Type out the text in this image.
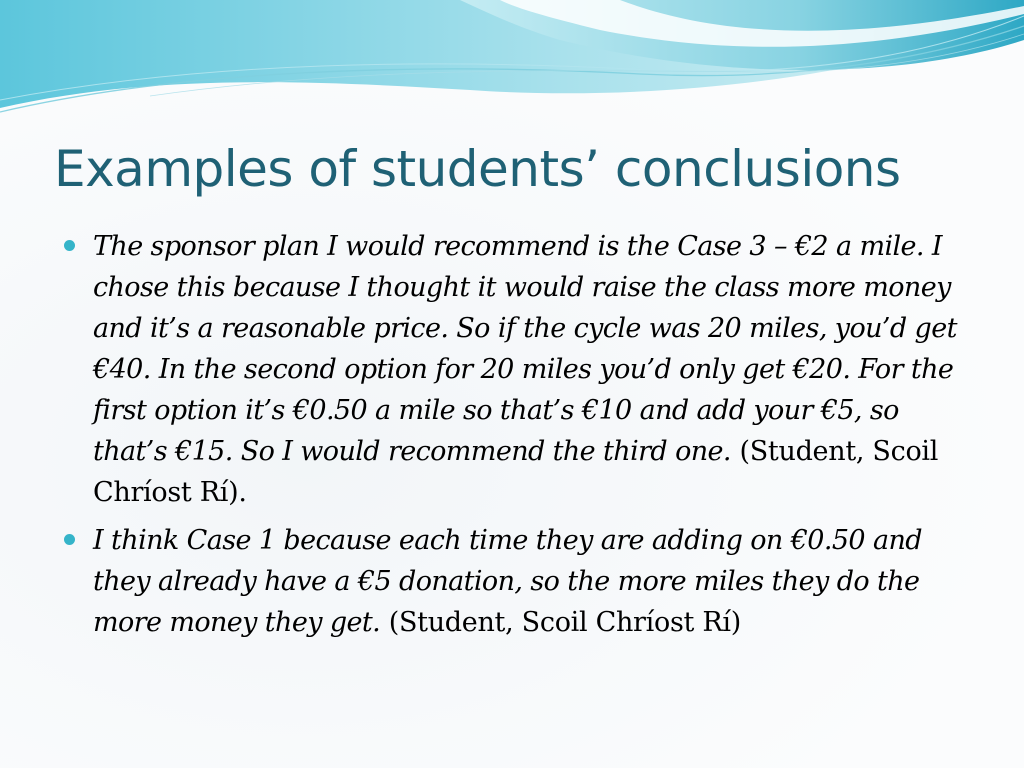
Examples of students’ conclusions
The sponsor plan I would recommend is the Case 3 – €2 a mile. I chose this because I thought it would raise the class more money and it’s a reasonable price. So if the cycle was 20 miles, you’d get €40. In the second option for 20 miles you’d only get €20. For the first option it’s €0.50 a mile so that’s €10 and add your €5, so that’s €15. So I would recommend the third one. (Student, Scoil Chríost Rí).
I think Case 1 because each time they are adding on €0.50 and they already have a €5 donation, so the more miles they do the more money they get. (Student, Scoil Chríost Rí)
